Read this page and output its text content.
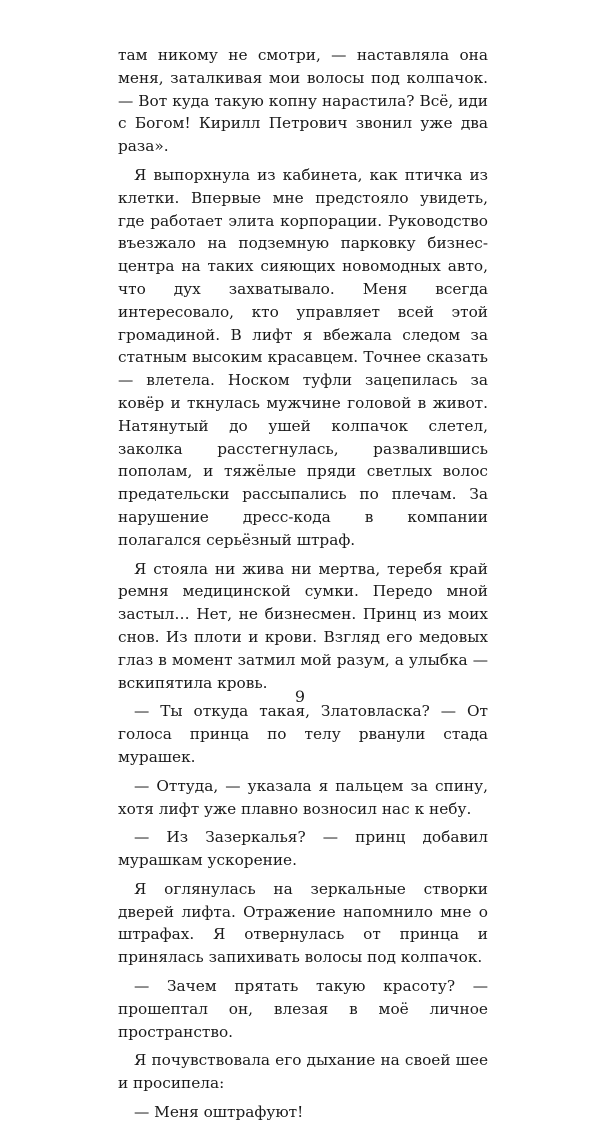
там никому не смотри, — наставляла она меня, заталкивая мои волосы под колпачок. — Вот куда такую копну нарастила? Всё, иди с Богом! Кирилл Петрович звонил уже два раза».

Я выпорхнула из кабинета, как птичка из клетки. Впервые мне предстояло увидеть, где работает элита корпорации. Руководство въезжало на подземную парковку бизнес-центра на таких сияющих новомодных авто, что дух захватывало. Меня всегда интересовало, кто управляет всей этой громадиной. В лифт я вбежала следом за статным высоким красавцем. Точнее сказать — влетела. Носком туфли зацепилась за ковёр и ткнулась мужчине головой в живот. Натянутый до ушей колпачок слетел, заколка расстегнулась, развалившись пополам, и тяжёлые пряди светлых волос предательски рассыпались по плечам. За нарушение дресс-кода в компании полагался серьёзный штраф.

Я стояла ни жива ни мертва, теребя край ремня медицинской сумки. Передо мной застыл… Нет, не бизнесмен. Принц из моих снов. Из плоти и крови. Взгляд его медовых глаз в момент затмил мой разум, а улыбка — вскипятила кровь.

— Ты откуда такая, Златовласка? — От голоса принца по телу рванули стада мурашек.

— Оттуда, — указала я пальцем за спину, хотя лифт уже плавно возносил нас к небу.

— Из Зазеркалья? — принц добавил мурашкам ускорение.

Я оглянулась на зеркальные створки дверей лифта. Отражение напомнило мне о штрафах. Я отвернулась от принца и принялась запихивать волосы под колпачок.

— Зачем прятать такую красоту? — прошептал он, влезая в моё личное пространство.

Я почувствовала его дыхание на своей шее и просипела:

— Меня оштрафуют!

9
